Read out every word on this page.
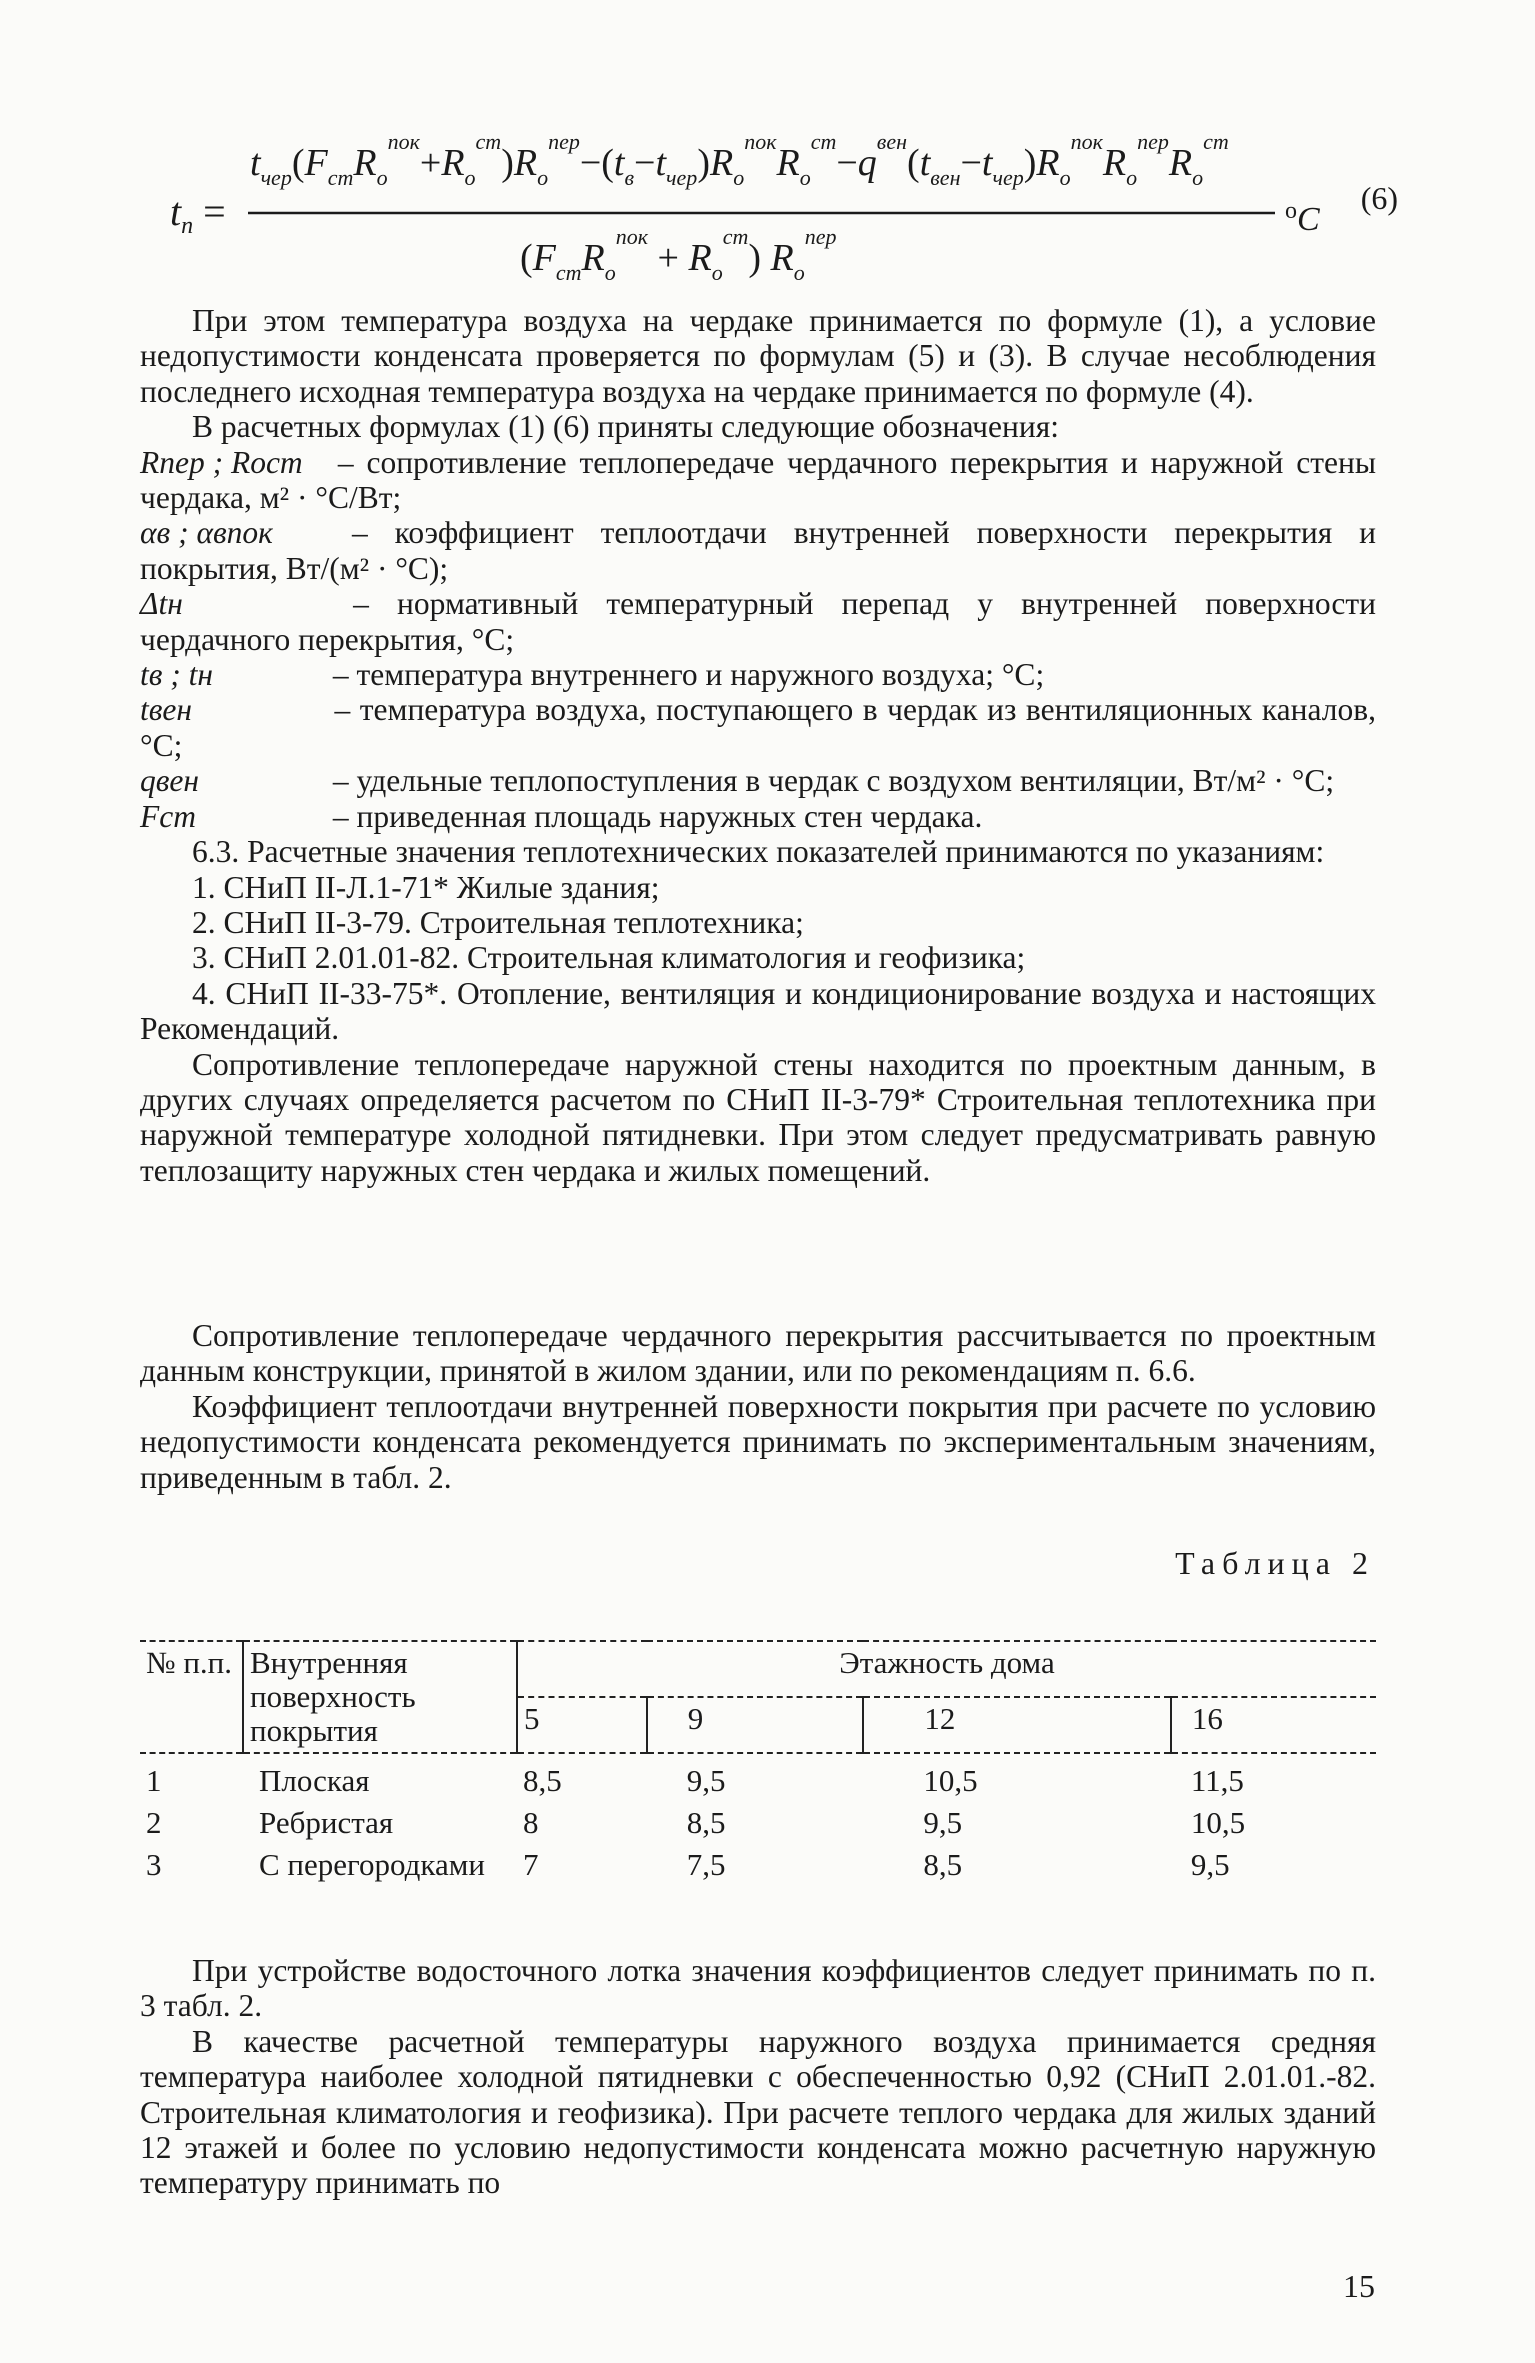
$t_п$ =
$t_{чер}(F_{ст}R_o^{пок}+R_o^{ст})R_o^{пер}-(t_в-t_{чер})R_o^{пок}R_o^{ст}-q^{вен}(t_{вен}-t_{чер})R_o^{пок}R_o^{пер}R_o^{ст}$
$(F_{ст}R_o^{пок} + R_o^{ст})$ $R_o^{пер}$
$^o$C
(6)

При этом температура воздуха на чердаке принимается по формуле (1), а условие недопустимости конденсата проверяется по формулам (5) и (3). В случае несоблюдения последнего исходная температура воздуха на чердаке принимается по формуле (4).

В расчетных формулах (1) (6) приняты следующие обозначения:

Rпер ; Roст – сопротивление теплопередаче чердачного перекрытия и наружной стены чердака, м² · °С/Вт;

αв ; αвпок	– коэффициент теплоотдачи внутренней поверхности перекрытия и покрытия, Вт/(м² · °С);

Δtн	– нормативный температурный перепад у внутренней поверхности чердачного перекрытия, °С;

tв ; tн	– температура внутреннего и наружного воздуха; °С;

tвен	– температура воздуха, поступающего в чердак из вентиляционных каналов, °С;

qвен	– удельные теплопоступления в чердак с воздухом вентиляции, Вт/м² · °С;

Fст	– приведенная площадь наружных стен чердака.

6.3. Расчетные значения теплотехнических показателей принимаются по указаниям:

1. СНиП II-Л.1-71* Жилые здания;

2. СНиП II-3-79. Строительная теплотехника;

3. СНиП 2.01.01-82. Строительная климатология и геофизика;

4. СНиП II-33-75*. Отопление, вентиляция и кондиционирование воздуха и настоящих Рекомендаций.

Сопротивление теплопередаче наружной стены находится по проектным данным, в других случаях определяется расчетом по СНиП II-3-79* Строительная теплотехника при наружной температуре холодной пятидневки. При этом следует предусматривать равную теплозащиту наружных стен чердака и жилых помещений.

Сопротивление теплопередаче чердачного перекрытия рассчитывается по проектным данным конструкции, принятой в жилом здании, или по рекомендациям п. 6.6.

Коэффициент теплоотдачи внутренней поверхности покрытия при расчете по условию недопустимости конденсата рекомендуется принимать по экспериментальным значениям, приведенным в табл. 2.

Таблица 2
№ п.п.	Внутренняя поверхность покрытия	Этажность дома			
		5	9	12	16
1	Плоская	8,5	9,5	10,5	11,5
2	Ребристая	8	8,5	9,5	10,5
3	С перегородками	7	7,5	8,5	9,5

При устройстве водосточного лотка значения коэффициентов следует принимать по п. 3 табл. 2.

В качестве расчетной температуры наружного воздуха принимается средняя температура наиболее холодной пятидневки с обеспеченностью 0,92 (СНиП 2.01.01.-82. Строительная климатология и геофизика). При расчете теплого чердака для жилых зданий 12 этажей и более по условию недопустимости конденсата можно расчетную наружную температуру принимать по

15
